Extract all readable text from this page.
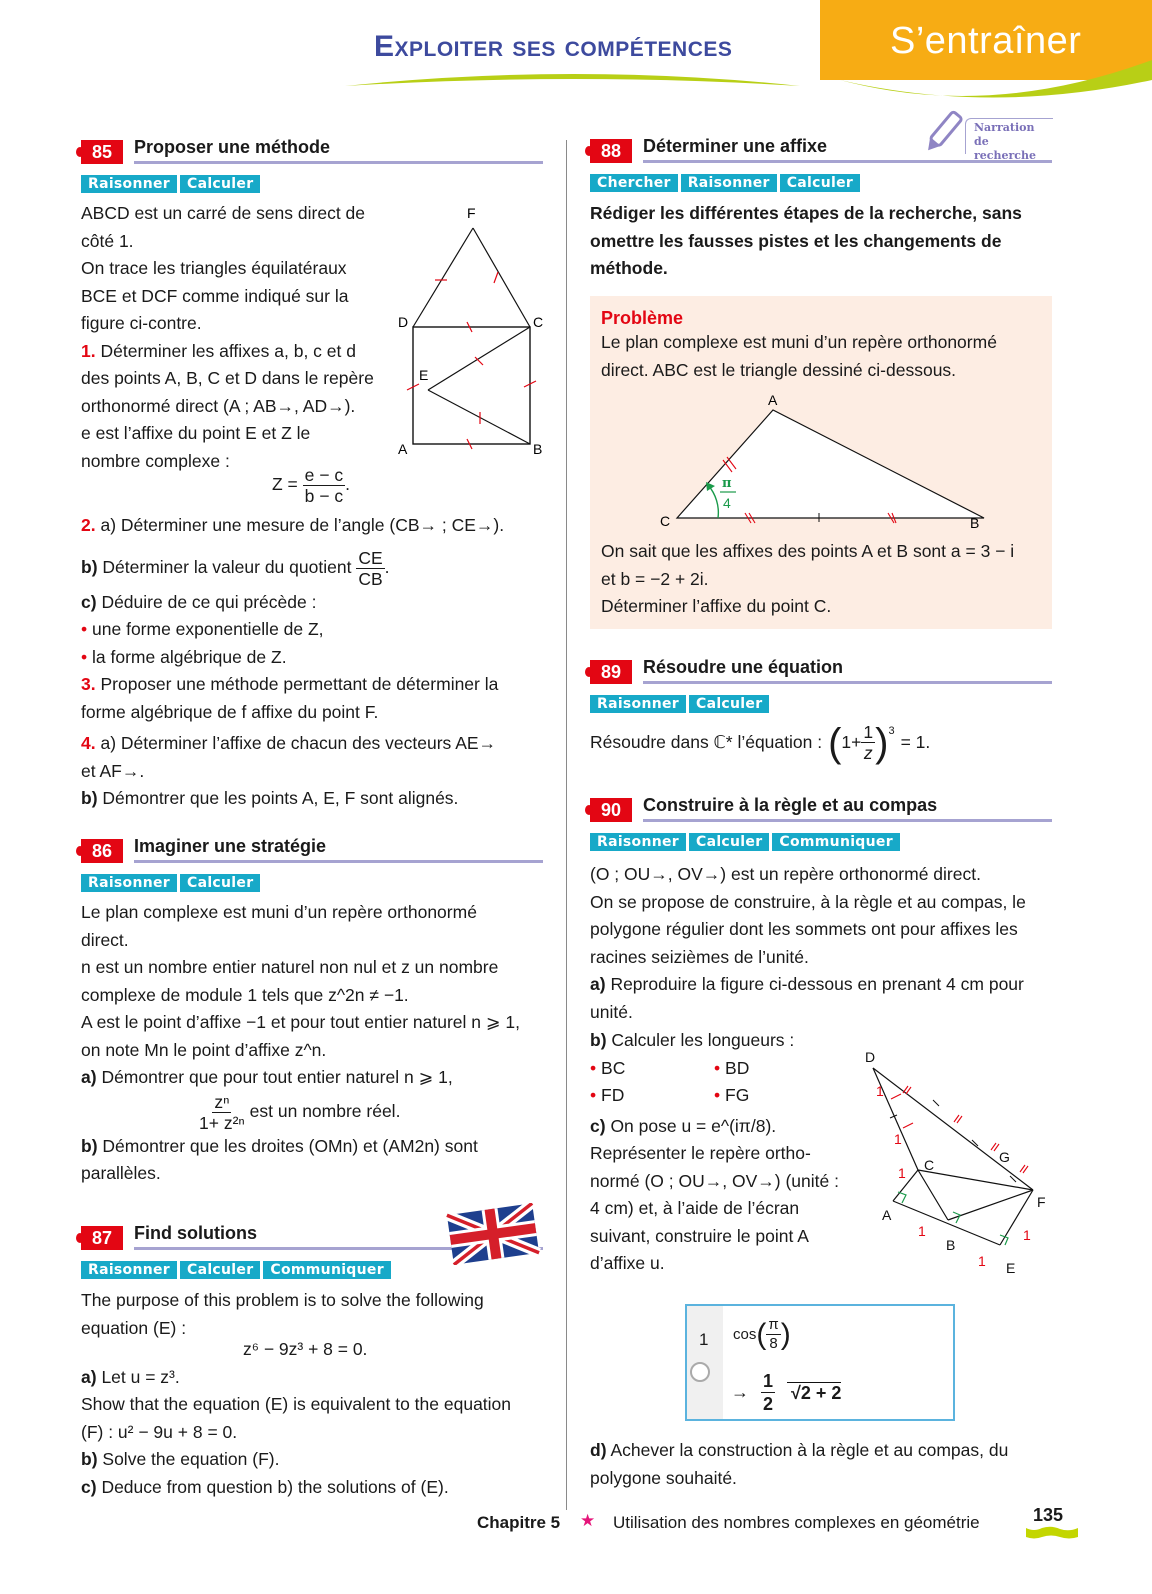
Exploiter ses compétences	S’entraîner
85	Proposer une méthode
Raisonner	Calculer
ABCD est un carré de sens direct de
côté 1.
On trace les triangles équilatéraux
BCE et DCF comme indiqué sur la
figure ci-contre.
1. Déterminer les affixes a, b, c et d
des points A, B, C et D dans le repère
orthonormé direct (A ; AB→, AD→).
e est l’affixe du point E et Z le
nombre complexe :
$Z = \frac{e - c}{b - c}$ .
F
D	C
E
A	B
2. a) Déterminer une mesure de l’angle (CB→ ; CE→).
b) Déterminer la valeur du quotient $\frac{CE}{CB}$ .
c) Déduire de ce qui précède :
• une forme exponentielle de Z,
• la forme algébrique de Z.
3. Proposer une méthode permettant de déterminer la
forme algébrique de f affixe du point F.
4. a) Déterminer l’affixe de chacun des vecteurs AE→
et AF→.
b) Démontrer que les points A, E, F sont alignés.
86	Imaginer une stratégie
Raisonner	Calculer
Le plan complexe est muni d’un repère orthonormé
direct.
n est un nombre entier naturel non nul et z un nombre
complexe de module 1 tels que z^2n ≠ −1.
A est le point d’affixe −1 et pour tout entier naturel n ⩾ 1,
on note Mn le point d’affixe z^n.
a) Démontrer que pour tout entier naturel n ⩾ 1,
$\frac{\text{zⁿ}}{\text{1+ z²ⁿ}}$ est un nombre réel.
b) Démontrer que les droites (OMn) et (AM2n) sont
parallèles.
87	Find solutions
Raisonner	Calculer	Communiquer
The purpose of this problem is to solve the following
equation (E) :
z⁶ − 9z³ + 8 = 0.
a) Let u = z³.
Show that the equation (E) is equivalent to the equation
(F) : u² − 9u + 8 = 0.
b) Solve the equation (F).
c) Deduce from question b) the solutions of (E).
88	Déterminer une affixe
Narration
de recherche
Chercher	Raisonner	Calculer
Rédiger les différentes étapes de la recherche, sans
omettre les fausses pistes et les changements de
méthode.
Problème
Le plan complexe est muni d’un repère orthonormé
direct. ABC est le triangle dessiné ci-dessous.
π
4
A
C	B
On sait que les affixes des points A et B sont a = 3 − i
et b = −2 + 2i.
Déterminer l’affixe du point C.
89	Résoudre une équation
Raisonner	Calculer
Résoudre dans ℂ* l’équation : ( $1+ \frac{1}{z} )^3$
= 1.
90	Construire à la règle et au compas
Raisonner	Calculer	Communiquer
(O ; OU→, OV→) est un repère orthonormé direct.
On se propose de construire, à la règle et au compas, le
polygone régulier dont les sommets ont pour affixes les
racines seizièmes de l’unité.
a) Reproduire la figure ci-dessous en prenant 4 cm pour
unité.
b) Calculer les longueurs :
• BC	• BD
• FD	• FG
c) On pose u = e^(iπ/8).
Représenter le repère ortho-
normé (O ; OU→, OV→) (unité :
4 cm) et, à l’aide de l’écran
suivant, construire le point A
d’affixe u.
1
1
1
1
1
1
D
C	G
A
B
F
E
1 cos ( $\frac{\pi}{8}$ )
→ $\frac{1}{2} √2 + 2$
d) Achever la construction à la règle et au compas, du
polygone souhaité.
Chapitre 5 ★ Utilisation des nombres complexes en géométrie	135
